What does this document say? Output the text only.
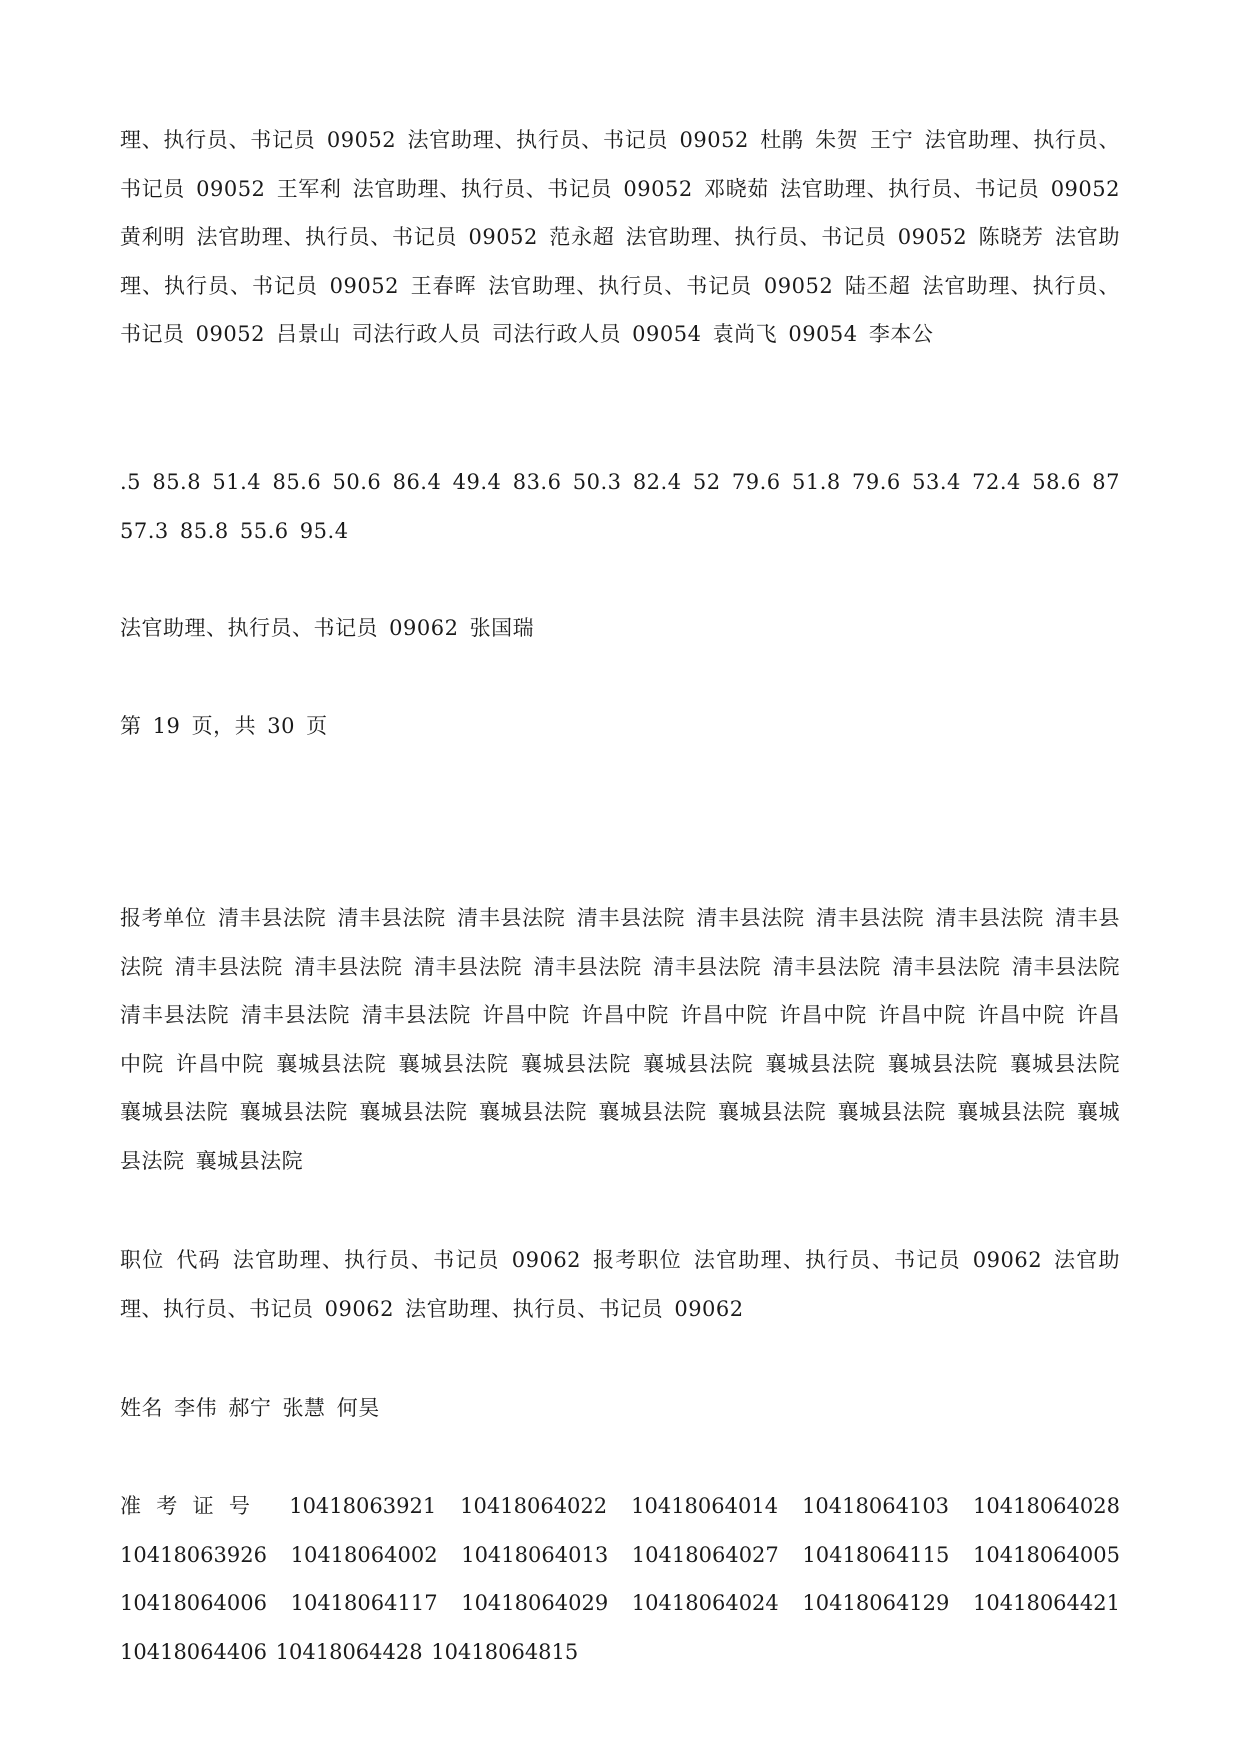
理、执行员、书记员 09052 法官助理、执行员、书记员 09052 杜鹃 朱贺 王宁 法官助理、执行员、书记员 09052 王军利 法官助理、执行员、书记员 09052 邓晓茹 法官助理、执行员、书记员 09052 黄利明 法官助理、执行员、书记员 09052 范永超 法官助理、执行员、书记员 09052 陈晓芳 法官助理、执行员、书记员 09052 王春晖 法官助理、执行员、书记员 09052 陆丕超 法官助理、执行员、书记员 09052 吕景山 司法行政人员 司法行政人员 09054 袁尚飞 09054 李本公

.5 85.8 51.4 85.6 50.6 86.4 49.4 83.6 50.3 82.4 52 79.6 51.8 79.6 53.4 72.4 58.6 87 57.3 85.8 55.6 95.4

法官助理、执行员、书记员 09062 张国瑞

第 19 页，共 30 页

报考单位 清丰县法院 清丰县法院 清丰县法院 清丰县法院 清丰县法院 清丰县法院 清丰县法院 清丰县法院 清丰县法院 清丰县法院 清丰县法院 清丰县法院 清丰县法院 清丰县法院 清丰县法院 清丰县法院 清丰县法院 清丰县法院 清丰县法院 许昌中院 许昌中院 许昌中院 许昌中院 许昌中院 许昌中院 许昌中院 许昌中院 襄城县法院 襄城县法院 襄城县法院 襄城县法院 襄城县法院 襄城县法院 襄城县法院 襄城县法院 襄城县法院 襄城县法院 襄城县法院 襄城县法院 襄城县法院 襄城县法院 襄城县法院 襄城县法院 襄城县法院

职位 代码 法官助理、执行员、书记员 09062 报考职位 法官助理、执行员、书记员 09062 法官助理、执行员、书记员 09062 法官助理、执行员、书记员 09062

姓名 李伟 郝宁 张慧 何昊

准考证号 10418063921 10418064022 10418064014 10418064103 10418064028 10418063926 10418064002 10418064013 10418064027 10418064115 10418064005 10418064006 10418064117 10418064029 10418064024 10418064129 10418064421 10418064406 10418064428 10418064815
